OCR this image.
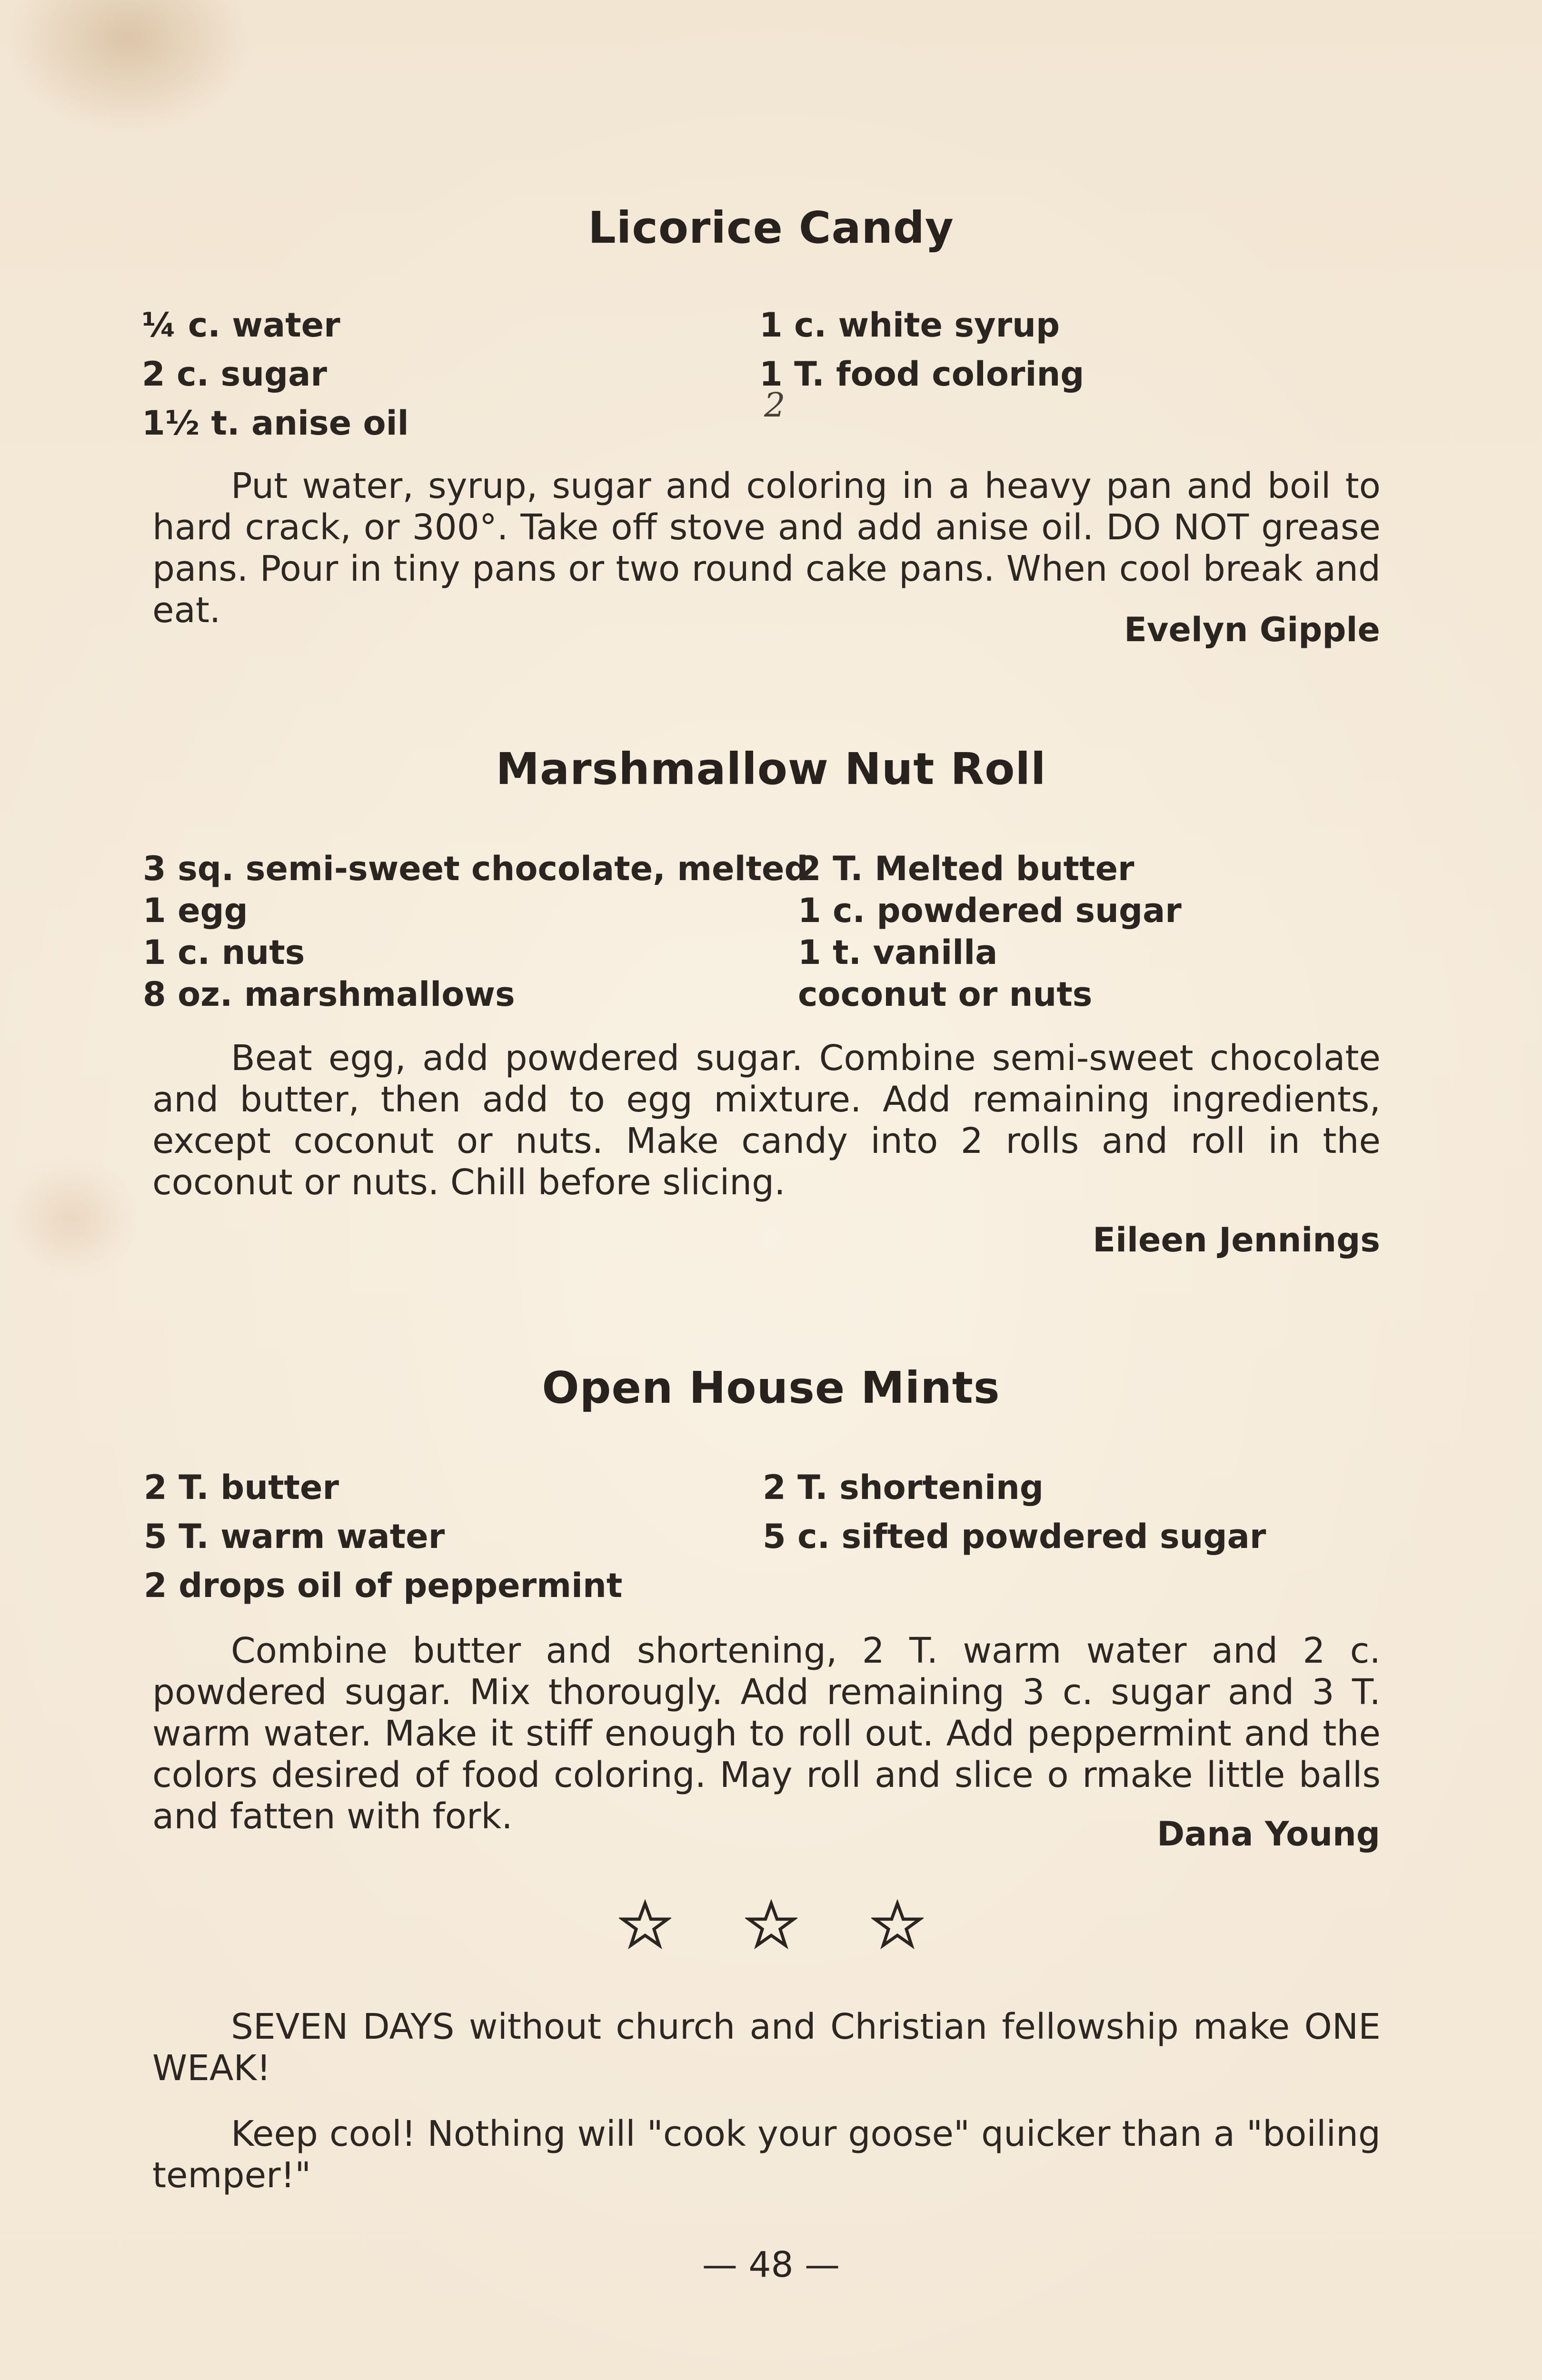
Licorice Candy

¼ c. water

2 c. sugar

1½ t. anise oil

1 c. white syrup

1 T. food coloring

2

Put water, syrup, sugar and coloring in a heavy pan and boil to hard crack, or 300°. Take off stove and add anise oil. DO NOT grease pans. Pour in tiny pans or two round cake pans. When cool break and eat.	Evelyn Gipple

Marshmallow Nut Roll

3 sq. semi-sweet chocolate, melted

1 egg

1 c. nuts

8 oz. marshmallows

2 T. Melted butter

1 c. powdered sugar

1 t. vanilla

coconut or nuts

Beat egg, add powdered sugar. Combine semi-sweet chocolate and butter, then add to egg mixture. Add remaining ingredients, except coconut or nuts. Make candy into 2 rolls and roll in the coconut or nuts. Chill before slicing.

Eileen Jennings

Open House Mints

2 T. butter

5 T. warm water

2 drops oil of peppermint

2 T. shortening

5 c. sifted powdered sugar

Combine butter and shortening, 2 T. warm water and 2 c. powdered sugar. Mix thorougly. Add remaining 3 c. sugar and 3 T. warm water. Make it stiff enough to roll out. Add peppermint and the colors desired of food coloring. May roll and slice o rmake little balls and fatten with fork.	Dana Young

SEVEN DAYS without church and Christian fellowship make ONE WEAK!

Keep cool! Nothing will "cook your goose" quicker than a "boiling temper!"

— 48 —
